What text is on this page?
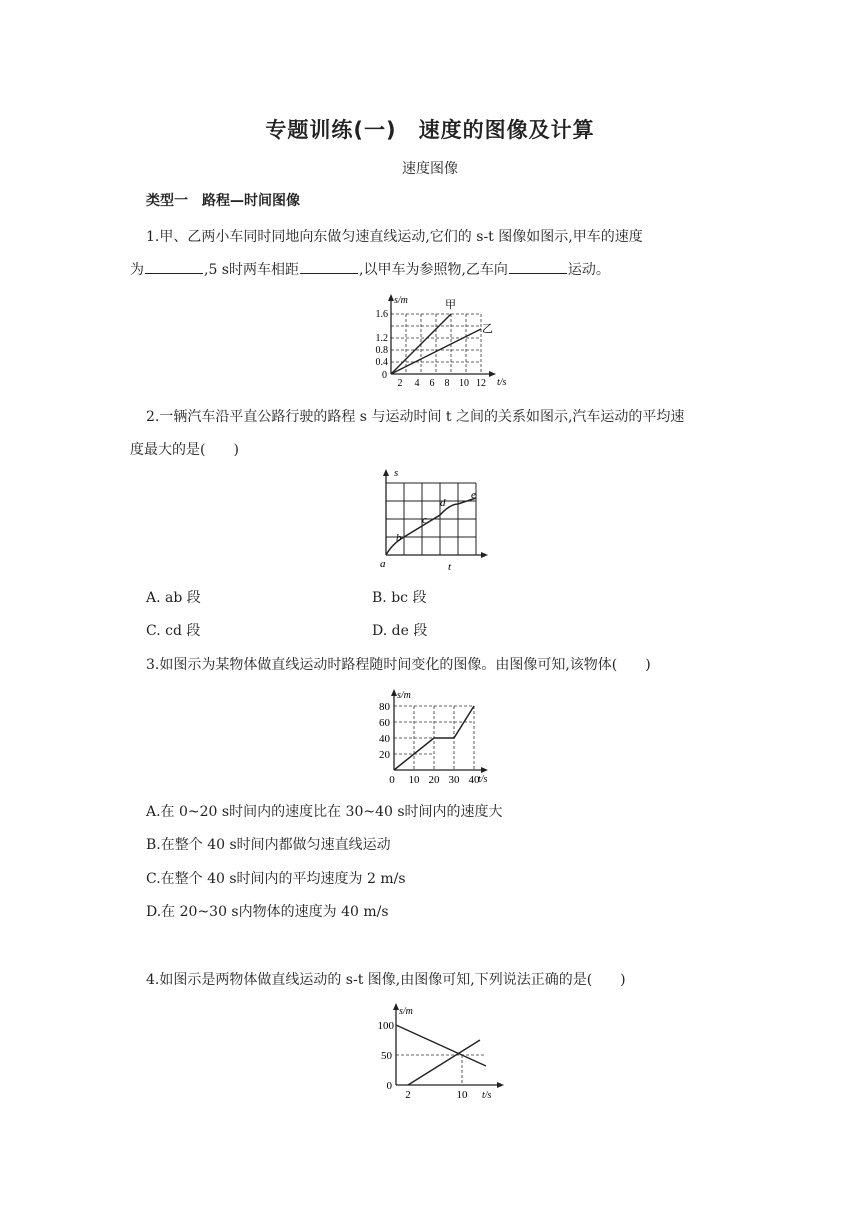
专题训练(一)　速度的图像及计算
速度图像
类型一　路程—时间图像
1.甲、乙两小车同时同地向东做匀速直线运动,它们的 s-t 图像如图示,甲车的速度
为	,5 s时两车相距	,以甲车为参照物,乙车向	运动。
s/m
t/s
甲
乙
0
0.4
0.8
1.2
1.6
2 4 6 8 10 12
2.一辆汽车沿平直公路行驶的路程 s 与运动时间 t 之间的关系如图示,汽车运动的平均速
度最大的是(　　)
s
t
a
b
c
d
e
A. ab 段	B. bc 段
C. cd 段	D. de 段
3.如图示为某物体做直线运动时路程随时间变化的图像。由图像可知,该物体(　　)
s/m
t/s
20
40
60
80
0 10 20 30 40
A.在 0~20 s时间内的速度比在 30~40 s时间内的速度大
B.在整个 40 s时间内都做匀速直线运动
C.在整个 40 s时间内的平均速度为 2 m/s
D.在 20~30 s内物体的速度为 40 m/s
4.如图示是两物体做直线运动的 s-t 图像,由图像可知,下列说法正确的是(　　)
s/m
t/s
0
50
100
2	10
